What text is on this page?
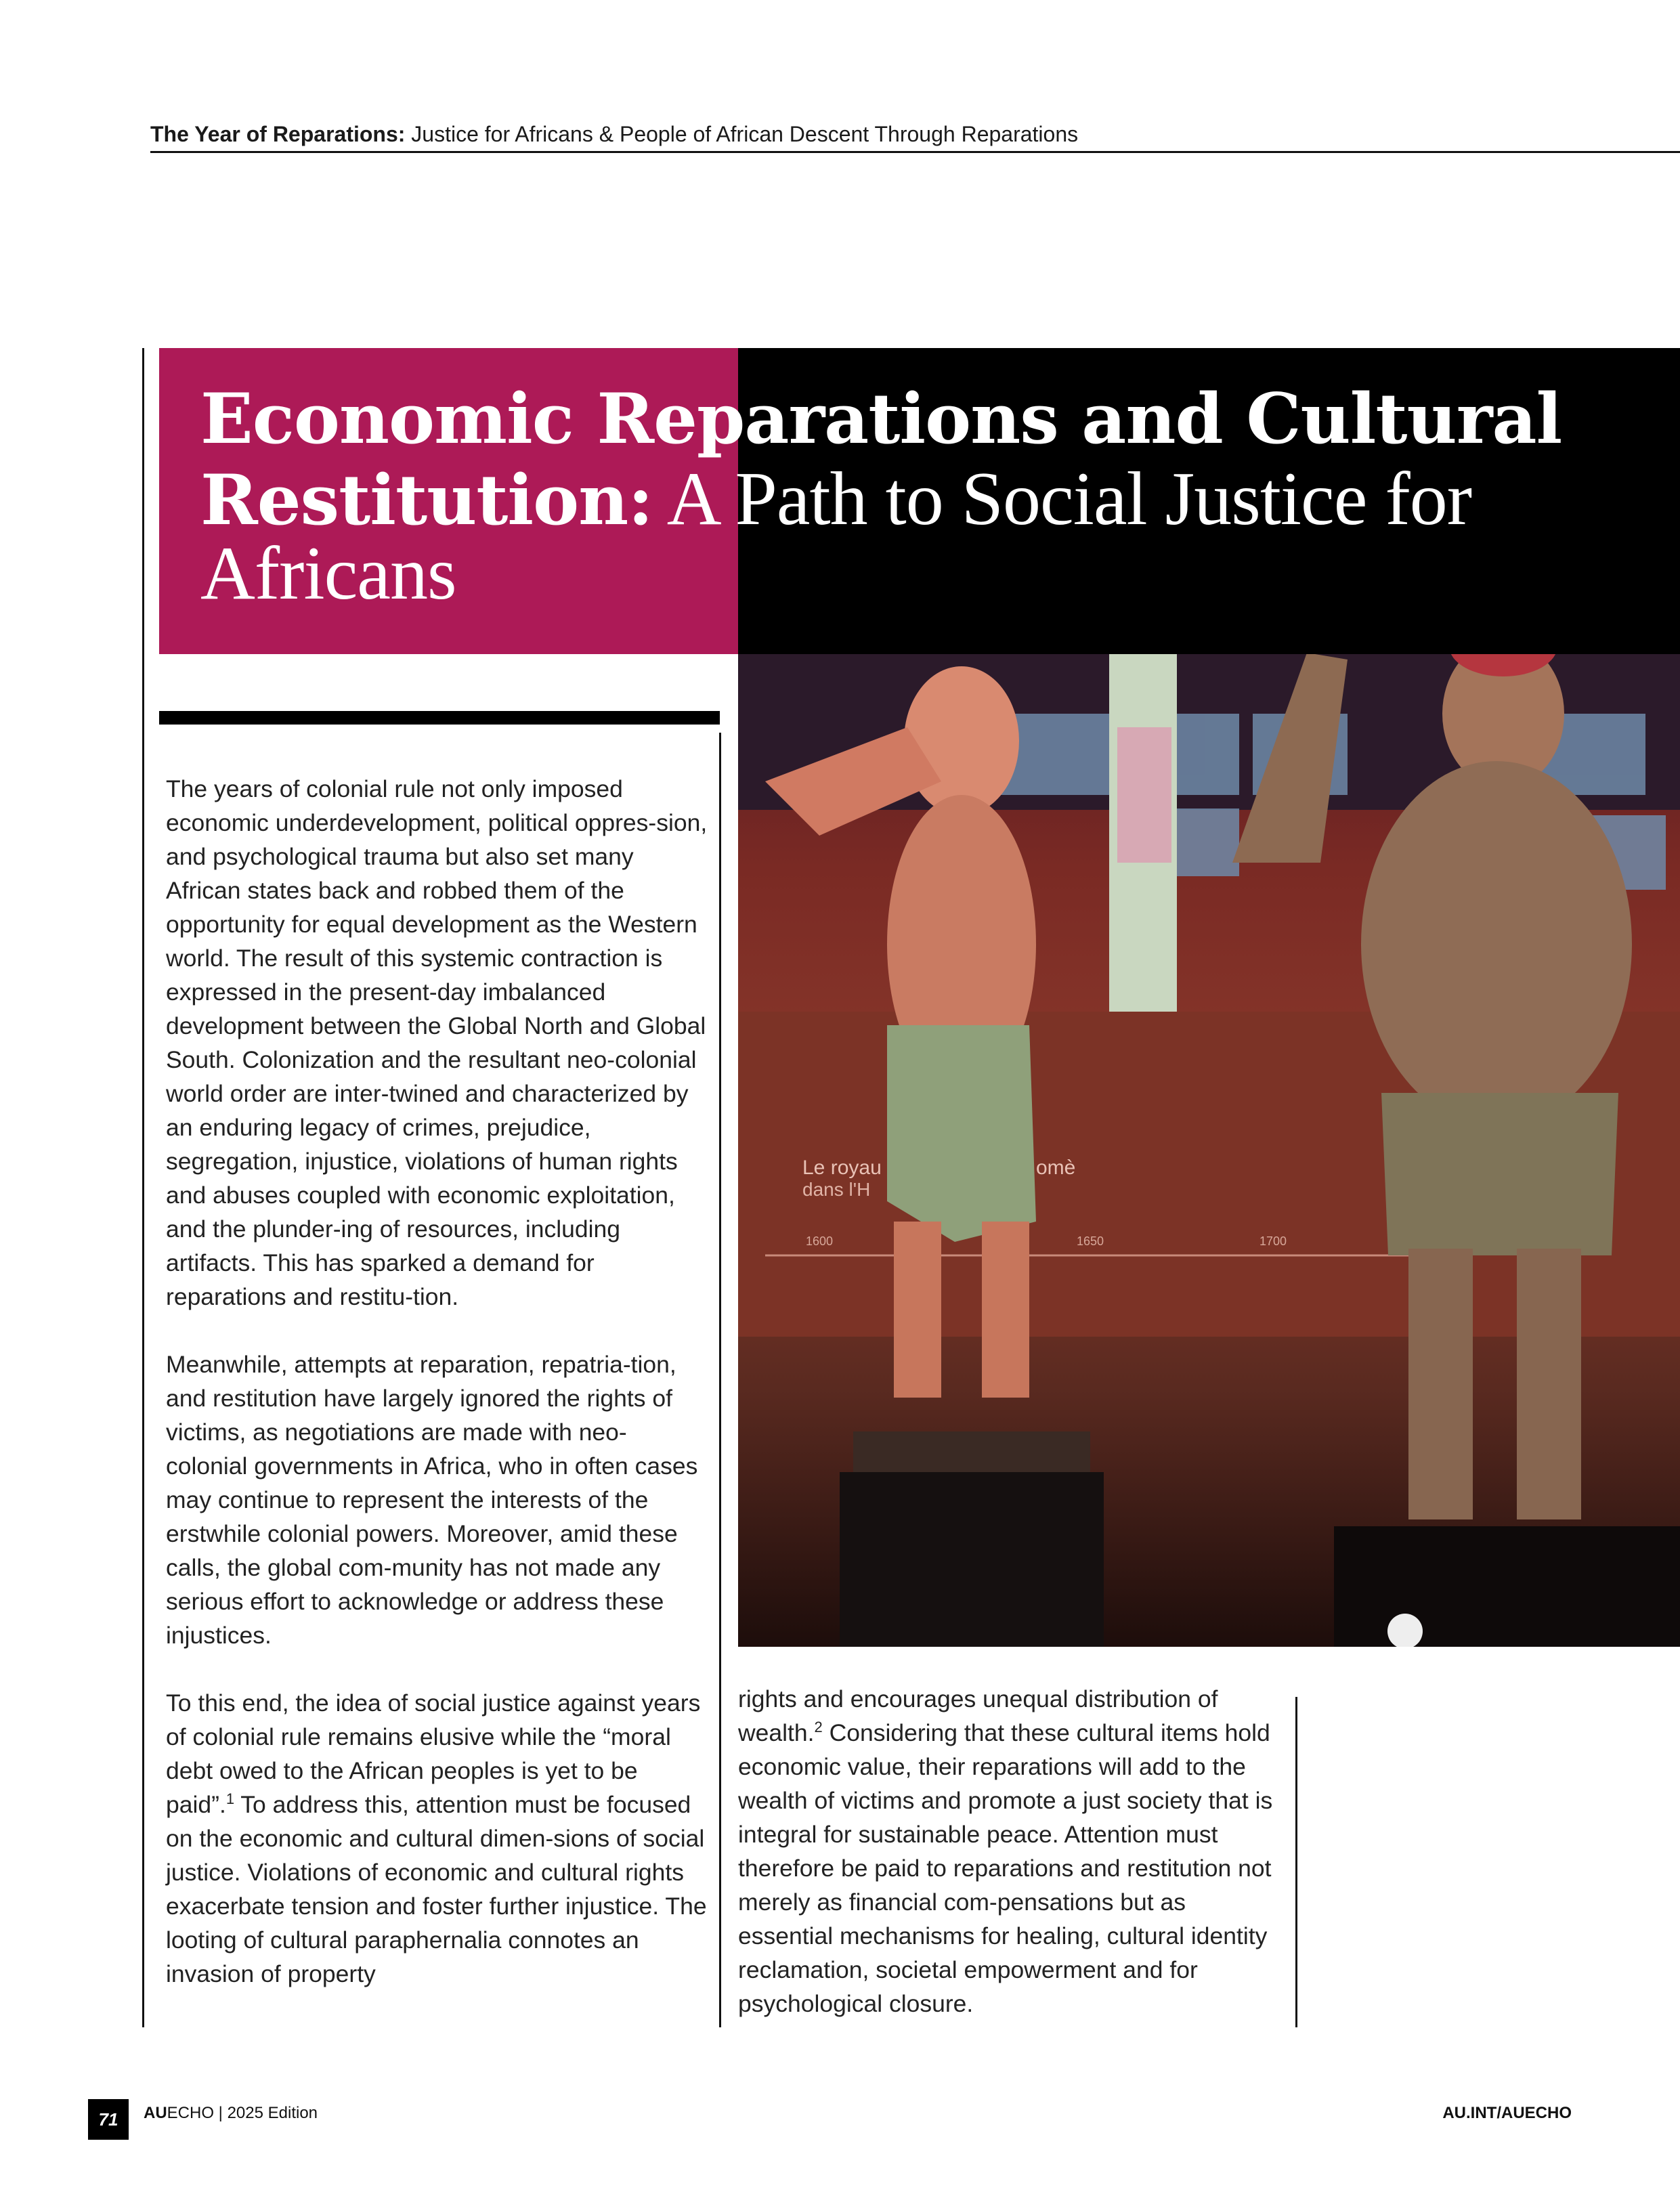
The Year of Reparations: Justice for Africans & People of African Descent Through Reparations
Le royau	omè
dans l'H
1600	1650	1700
Economic Reparations and Cultural
Restitution: A Path to Social Justice for
Africans

The years of colonial rule not only imposed economic underdevelopment, political oppres-sion, and psychological trauma but also set many African states back and robbed them of the opportunity for equal development as the Western world. The result of this systemic contraction is expressed in the present-day imbalanced development between the Global North and Global South. Colonization and the resultant neo-colonial world order are inter-twined and characterized by an enduring legacy of crimes, prejudice, segregation, injustice, violations of human rights and abuses coupled with economic exploitation, and the plunder-ing of resources, including artifacts. This has sparked a demand for reparations and restitu-tion.

Meanwhile, attempts at reparation, repatria-tion, and restitution have largely ignored the rights of victims, as negotiations are made with neo-colonial governments in Africa, who in often cases may continue to represent the interests of the erstwhile colonial powers. Moreover, amid these calls, the global com-munity has not made any serious effort to acknowledge or address these injustices.

To this end, the idea of social justice against years of colonial rule remains elusive while the “moral debt owed to the African peoples is yet to be paid”.$^1$ To address this, attention must be focused on the economic and cultural dimen-sions of social justice. Violations of economic and cultural rights exacerbate tension and foster further injustice. The looting of cultural paraphernalia connotes an invasion of property

rights and encourages unequal distribution of wealth.$^2$ Considering that these cultural items hold economic value, their reparations will add to the wealth of victims and promote a just society that is integral for sustainable peace. Attention must therefore be paid to reparations and restitution not merely as financial com-pensations but as essential mechanisms for healing, cultural identity reclamation, societal empowerment and for psychological closure.

71	AUECHO | 2025 Edition	AU.INT/AUECHO
